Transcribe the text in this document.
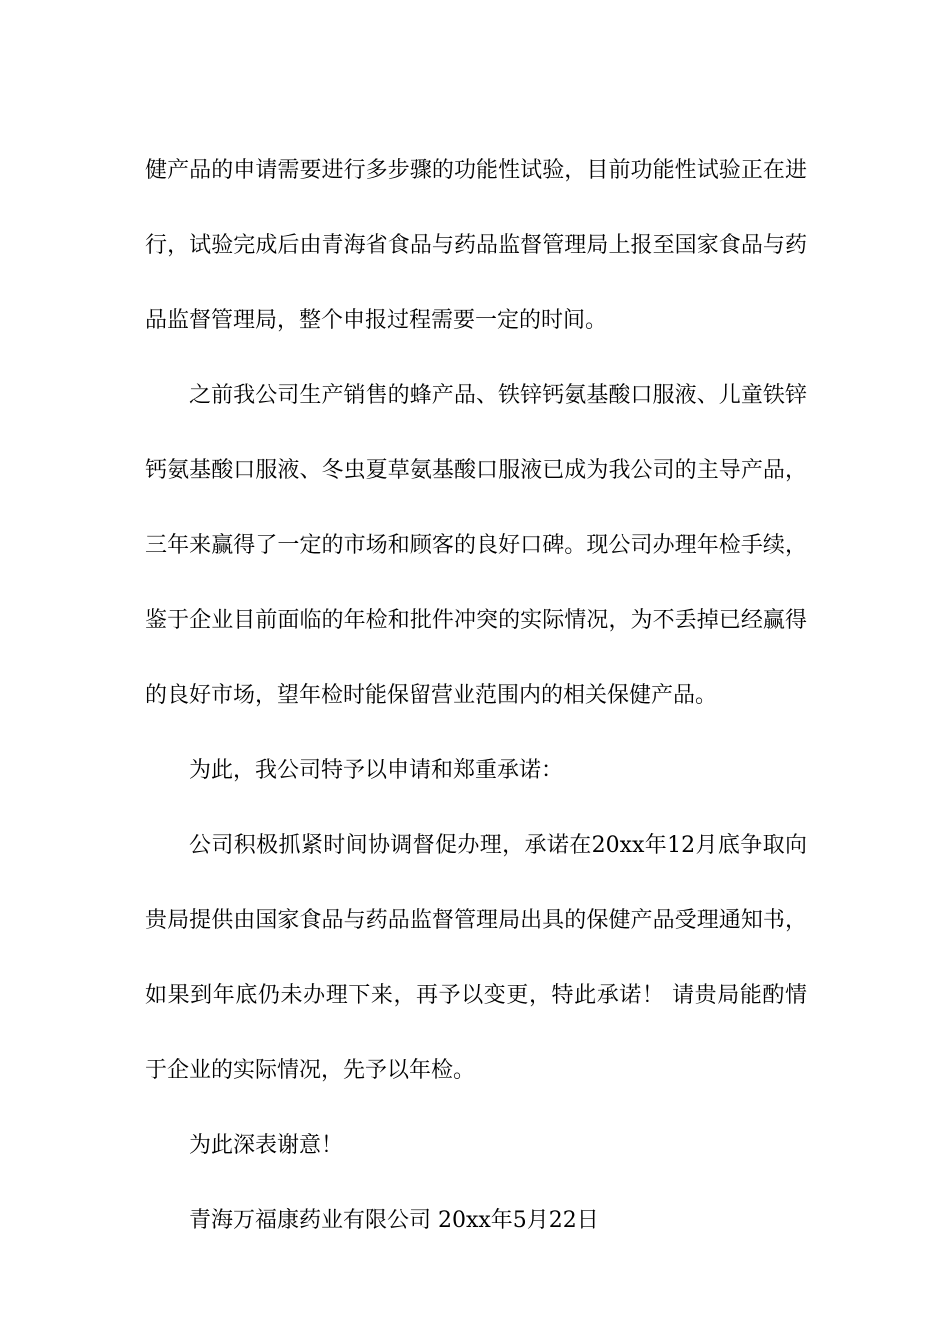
健产品的申请需要进行多步骤的功能性试验，目前功能性试验正在进行，试验完成后由青海省食品与药品监督管理局上报至国家食品与药品监督管理局，整个申报过程需要一定的时间。

之前我公司生产销售的蜂产品、铁锌钙氨基酸口服液、儿童铁锌钙氨基酸口服液、冬虫夏草氨基酸口服液已成为我公司的主导产品，三年来赢得了一定的市场和顾客的良好口碑。现公司办理年检手续，鉴于企业目前面临的年检和批件冲突的实际情况，为不丢掉已经赢得的良好市场，望年检时能保留营业范围内的相关保健产品。

为此，我公司特予以申请和郑重承诺：

公司积极抓紧时间协调督促办理，承诺在20xx年12月底争取向贵局提供由国家食品与药品监督管理局出具的保健产品受理通知书，如果到年底仍未办理下来，再予以变更，特此承诺！ 请贵局能酌情于企业的实际情况，先予以年检。

为此深表谢意！

青海万福康药业有限公司 20xx年5月22日
